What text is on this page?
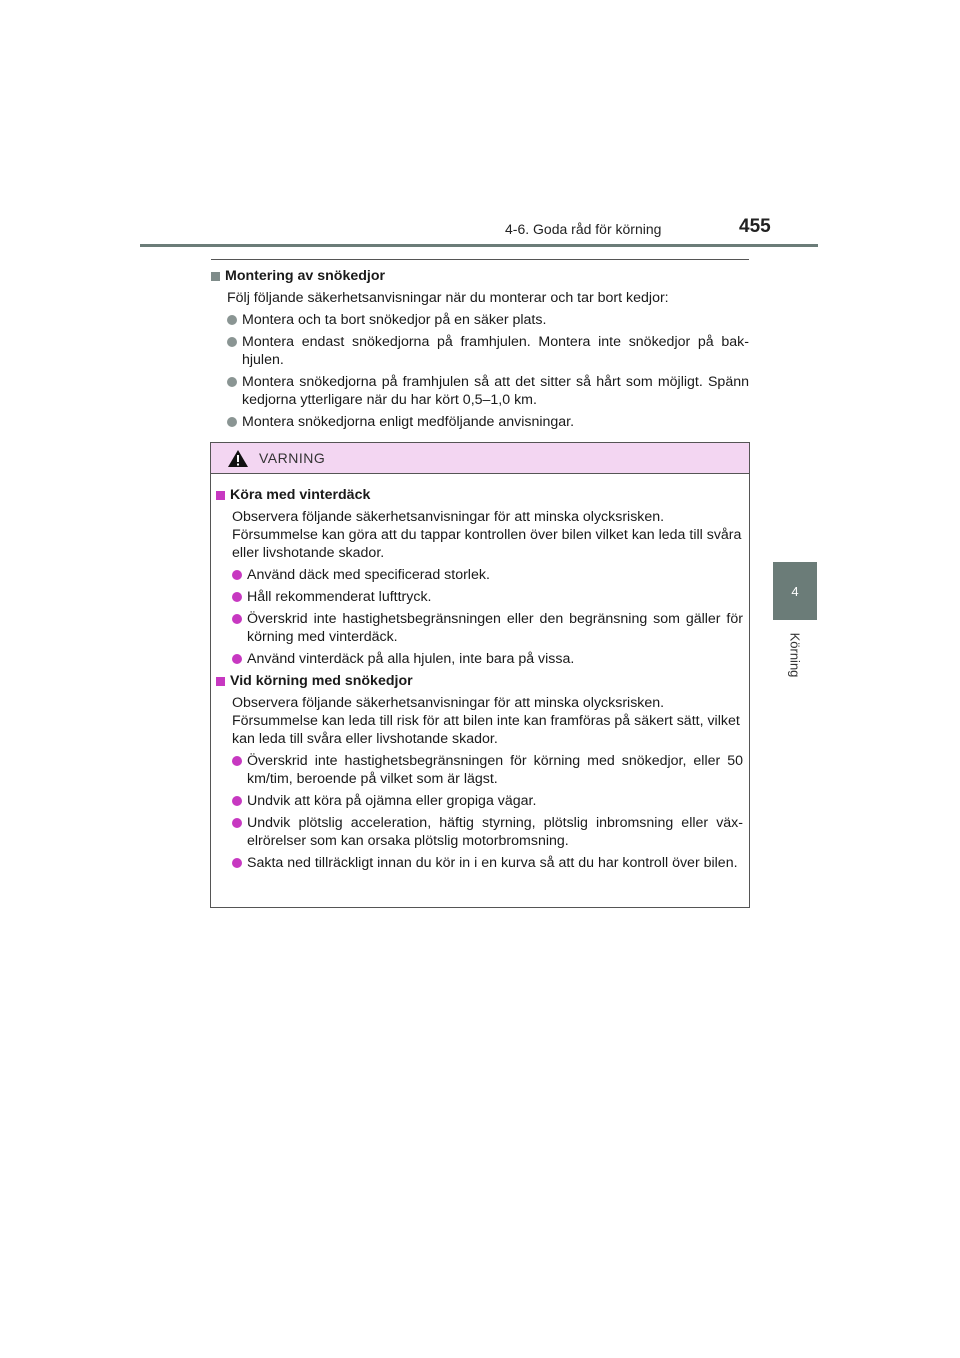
4-6. Goda råd för körning	455
4
Körning
Montering av snökedjor
Följ följande säkerhetsanvisningar när du monterar och tar bort kedjor:
Montera och ta bort snökedjor på en säker plats.
Montera endast snökedjorna på framhjulen. Montera inte snökedjor på bak-hjulen.
Montera snökedjorna på framhjulen så att det sitter så hårt som möjligt. Spänn kedjorna ytterligare när du har kört 0,5–1,0 km.
Montera snökedjorna enligt medföljande anvisningar.
VARNING
Köra med vinterdäck
Observera följande säkerhetsanvisningar för att minska olycksrisken. Försummelse kan göra att du tappar kontrollen över bilen vilket kan leda till svåra eller livshotande skador.
Använd däck med specificerad storlek.
Håll rekommenderat lufttryck.
Överskrid inte hastighetsbegränsningen eller den begränsning som gäller för körning med vinterdäck.
Använd vinterdäck på alla hjulen, inte bara på vissa.
Vid körning med snökedjor
Observera följande säkerhetsanvisningar för att minska olycksrisken. Försummelse kan leda till risk för att bilen inte kan framföras på säkert sätt, vilket kan leda till svåra eller livshotande skador.
Överskrid inte hastighetsbegränsningen för körning med snökedjor, eller 50 km/tim, beroende på vilket som är lägst.
Undvik att köra på ojämna eller gropiga vägar.
Undvik plötslig acceleration, häftig styrning, plötslig inbromsning eller väx-elrörelser som kan orsaka plötslig motorbromsning.
Sakta ned tillräckligt innan du kör in i en kurva så att du har kontroll över bilen.
